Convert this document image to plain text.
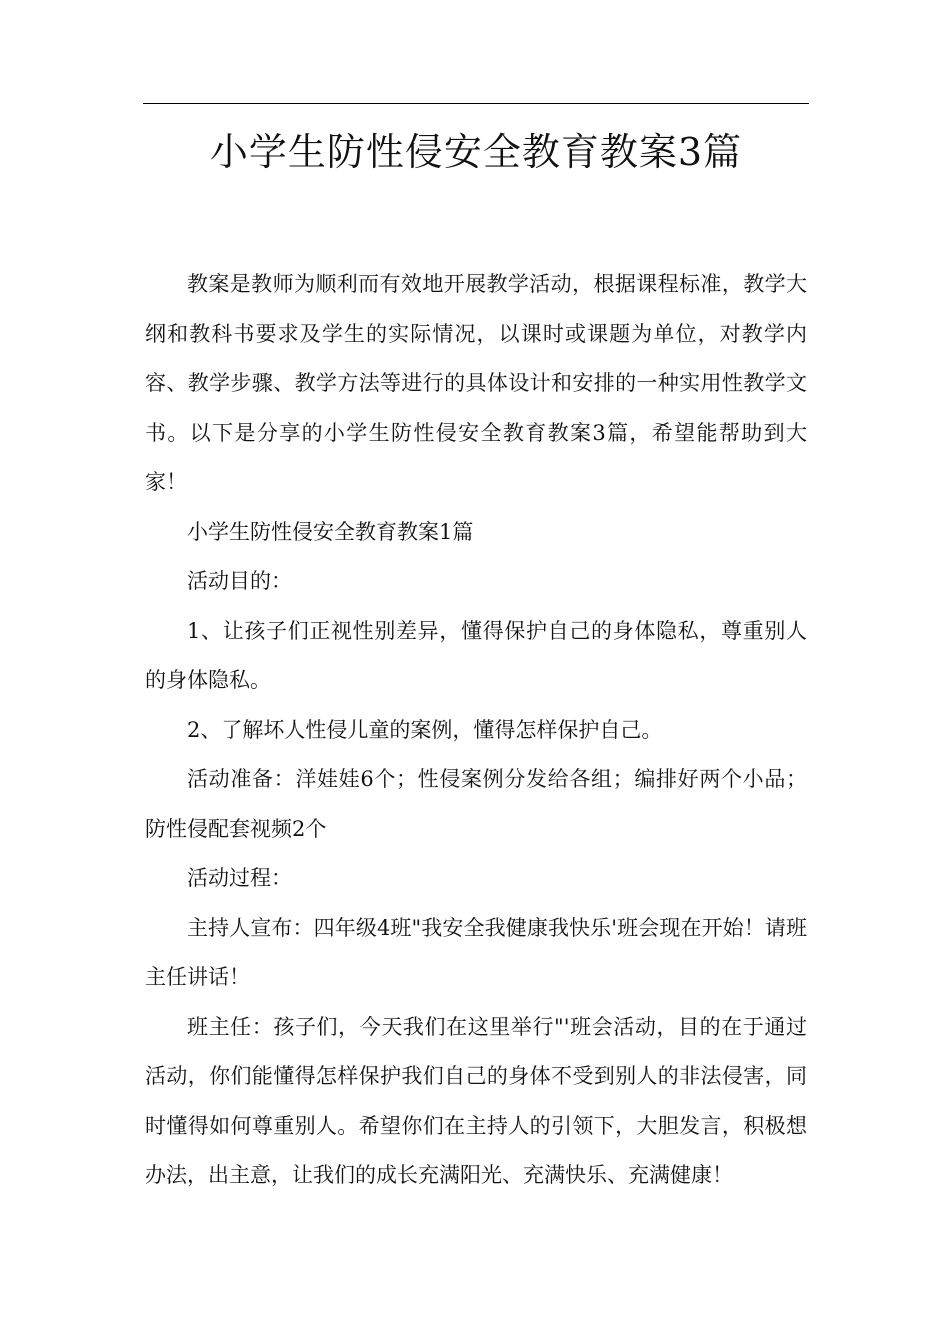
小学生防性侵安全教育教案3篇

教案是教师为顺利而有效地开展教学活动，根据课程标准，教学大纲和教科书要求及学生的实际情况，以课时或课题为单位，对教学内容、教学步骤、教学方法等进行的具体设计和安排的一种实用性教学文书。以下是分享的小学生防性侵安全教育教案3篇，希望能帮助到大家！

小学生防性侵安全教育教案1篇

活动目的：

1、让孩子们正视性别差异，懂得保护自己的身体隐私，尊重别人的身体隐私。

2、了解坏人性侵儿童的案例，懂得怎样保护自己。

活动准备：洋娃娃6个；性侵案例分发给各组；编排好两个小品；防性侵配套视频2个

活动过程：

主持人宣布：四年级4班"我安全我健康我快乐'班会现在开始！请班主任讲话！

班主任：孩子们，今天我们在这里举行"'班会活动，目的在于通过活动，你们能懂得怎样保护我们自己的身体不受到别人的非法侵害，同时懂得如何尊重别人。希望你们在主持人的引领下，大胆发言，积极想办法，出主意，让我们的成长充满阳光、充满快乐、充满健康！
